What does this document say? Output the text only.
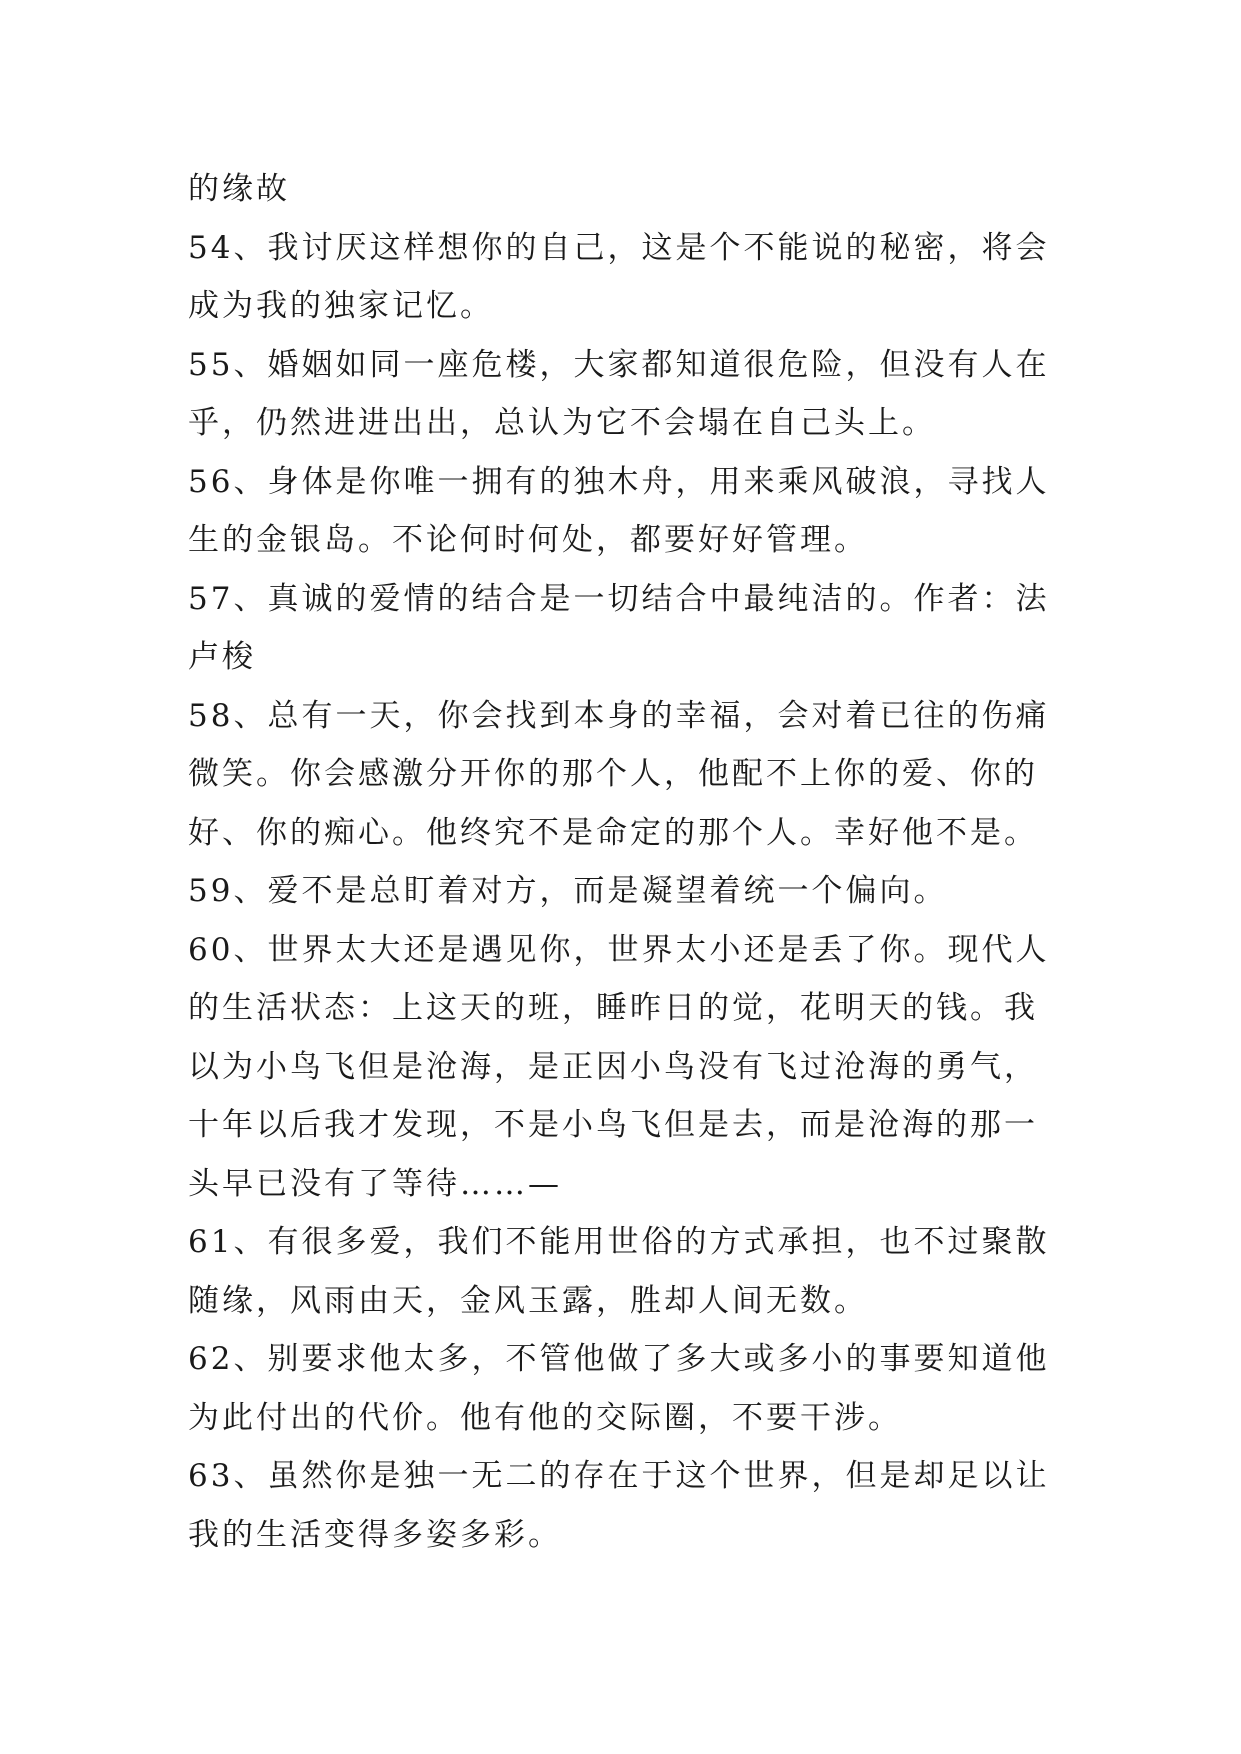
的缘故

54、我讨厌这样想你的自己，这是个不能说的秘密，将会成为我的独家记忆。

55、婚姻如同一座危楼，大家都知道很危险，但没有人在乎，仍然进进出出，总认为它不会塌在自己头上。

56、身体是你唯一拥有的独木舟，用来乘风破浪，寻找人生的金银岛。不论何时何处，都要好好管理。

57、真诚的爱情的结合是一切结合中最纯洁的。作者：法卢梭

58、总有一天，你会找到本身的幸福，会对着已往的伤痛微笑。你会感激分开你的那个人，他配不上你的爱、你的好、你的痴心。他终究不是命定的那个人。幸好他不是。

59、爱不是总盯着对方，而是凝望着统一个偏向。

60、世界太大还是遇见你，世界太小还是丢了你。现代人的生活状态：上这天的班，睡昨日的觉，花明天的钱。我以为小鸟飞但是沧海，是正因小鸟没有飞过沧海的勇气，十年以后我才发现，不是小鸟飞但是去，而是沧海的那一头早已没有了等待……—

61、有很多爱，我们不能用世俗的方式承担，也不过聚散随缘，风雨由天，金风玉露，胜却人间无数。

62、别要求他太多，不管他做了多大或多小的事要知道他为此付出的代价。他有他的交际圈，不要干涉。

63、虽然你是独一无二的存在于这个世界，但是却足以让我的生活变得多姿多彩。
